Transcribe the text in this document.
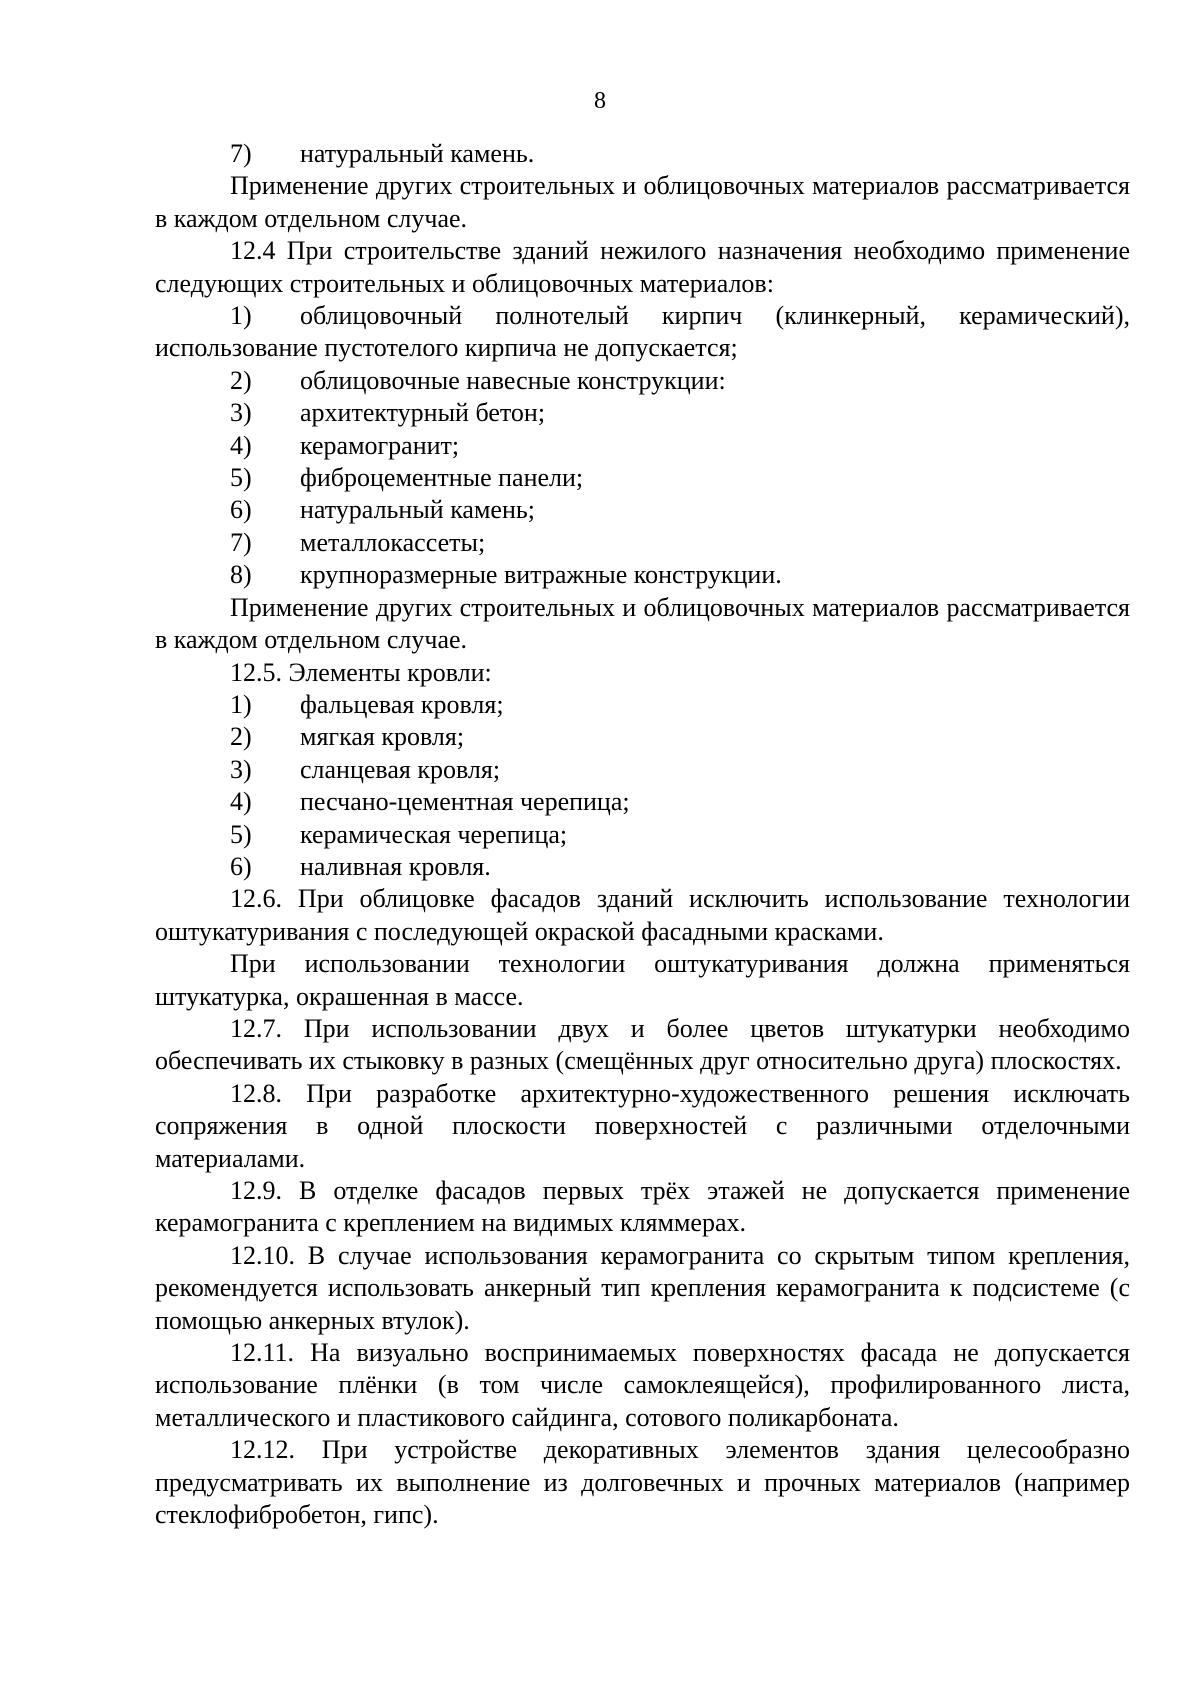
8
7)	натуральный камень.

Применение других строительных и облицовочных материалов рассматривается в каждом отдельном случае.

12.4 При строительстве зданий нежилого назначения необходимо применение следующих строительных и облицовочных материалов:

1) облицовочный полнотелый кирпич (клинкерный, керамический), использование пустотелого кирпича не допускается;
2)	облицовочные навесные конструкции:
3)	архитектурный бетон;
4)	керамогранит;
5)	фиброцементные панели;
6)	натуральный камень;
7)	металлокассеты;
8)	крупноразмерные витражные конструкции.

Применение других строительных и облицовочных материалов рассматривается в каждом отдельном случае.

12.5. Элементы кровли:

1)	фальцевая кровля;
2)	мягкая кровля;
3)	сланцевая кровля;
4)	песчано-цементная черепица;
5)	керамическая черепица;
6)	наливная кровля.

12.6. При облицовке фасадов зданий исключить использование технологии оштукатуривания с последующей окраской фасадными красками.

При использовании технологии оштукатуривания должна применяться штукатурка, окрашенная в массе.

12.7. При использовании двух и более цветов штукатурки необходимо обеспечивать их стыковку в разных (смещённых друг относительно друга) плоскостях.

12.8. При разработке архитектурно-художественного решения исключать сопряжения в одной плоскости поверхностей с различными отделочными материалами.

12.9. В отделке фасадов первых трёх этажей не допускается применение керамогранита с креплением на видимых кляммерах.

12.10. В случае использования керамогранита со скрытым типом крепления, рекомендуется использовать анкерный тип крепления керамогранита к подсистеме (с помощью анкерных втулок).

12.11. На визуально воспринимаемых поверхностях фасада не допускается использование плёнки (в том числе самоклеящейся), профилированного листа, металлического и пластикового сайдинга, сотового поликарбоната.

12.12. При устройстве декоративных элементов здания целесообразно предусматривать их выполнение из долговечных и прочных материалов (например стеклофибробетон, гипс).
